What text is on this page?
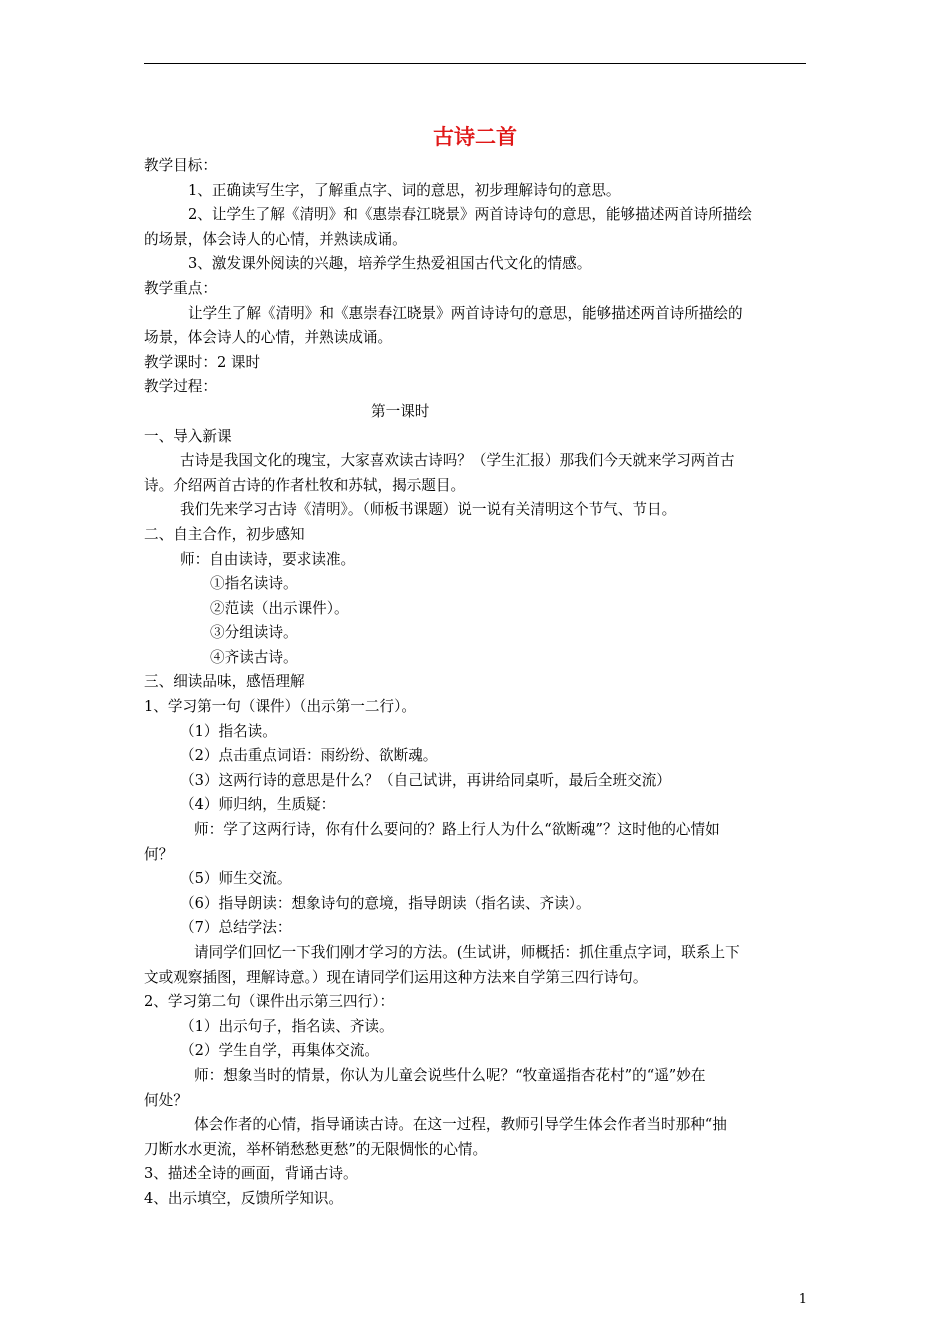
古诗二首
教学目标：
1、正确读写生字，了解重点字、词的意思，初步理解诗句的意思。
2、让学生了解《清明》和《惠崇春江晓景》两首诗诗句的意思，能够描述两首诗所描绘
的场景，体会诗人的心情，并熟读成诵。
3、激发课外阅读的兴趣，培养学生热爱祖国古代文化的情感。
教学重点：
让学生了解《清明》和《惠崇春江晓景》两首诗诗句的意思，能够描述两首诗所描绘的
场景，体会诗人的心情，并熟读成诵。
教学课时：2 课时
教学过程：
第一课时
一、导入新课
古诗是我国文化的瑰宝，大家喜欢读古诗吗？（学生汇报）那我们今天就来学习两首古
诗。介绍两首古诗的作者杜牧和苏轼，揭示题目。
我们先来学习古诗《清明》。（师板书课题）说一说有关清明这个节气、节日。
二、自主合作，初步感知
师：自由读诗，要求读准。
①指名读诗。
②范读（出示课件）。
③分组读诗。
④齐读古诗。
三、细读品味，感悟理解
1、学习第一句（课件）（出示第一二行）。
（1）指名读。
（2）点击重点词语：雨纷纷、欲断魂。
（3）这两行诗的意思是什么？（自己试讲，再讲给同桌听，最后全班交流）
（4）师归纳，生质疑：
师：学了这两行诗，你有什么要问的？路上行人为什么“欲断魂”？这时他的心情如
何？
（5）师生交流。
（6）指导朗读：想象诗句的意境，指导朗读（指名读、齐读）。
（7）总结学法：
请同学们回忆一下我们刚才学习的方法。(生试讲，师概括：抓住重点字词，联系上下
文或观察插图，理解诗意。）现在请同学们运用这种方法来自学第三四行诗句。
2、学习第二句（课件出示第三四行）：
（1）出示句子，指名读、齐读。
（2）学生自学，再集体交流。
师：想象当时的情景，你认为儿童会说些什么呢？“牧童遥指杏花村”的“遥”妙在
何处？
体会作者的心情，指导诵读古诗。在这一过程，教师引导学生体会作者当时那种“抽
刀断水水更流，举杯销愁愁更愁”的无限惆怅的心情。
3、描述全诗的画面，背诵古诗。
4、出示填空，反馈所学知识。
1
